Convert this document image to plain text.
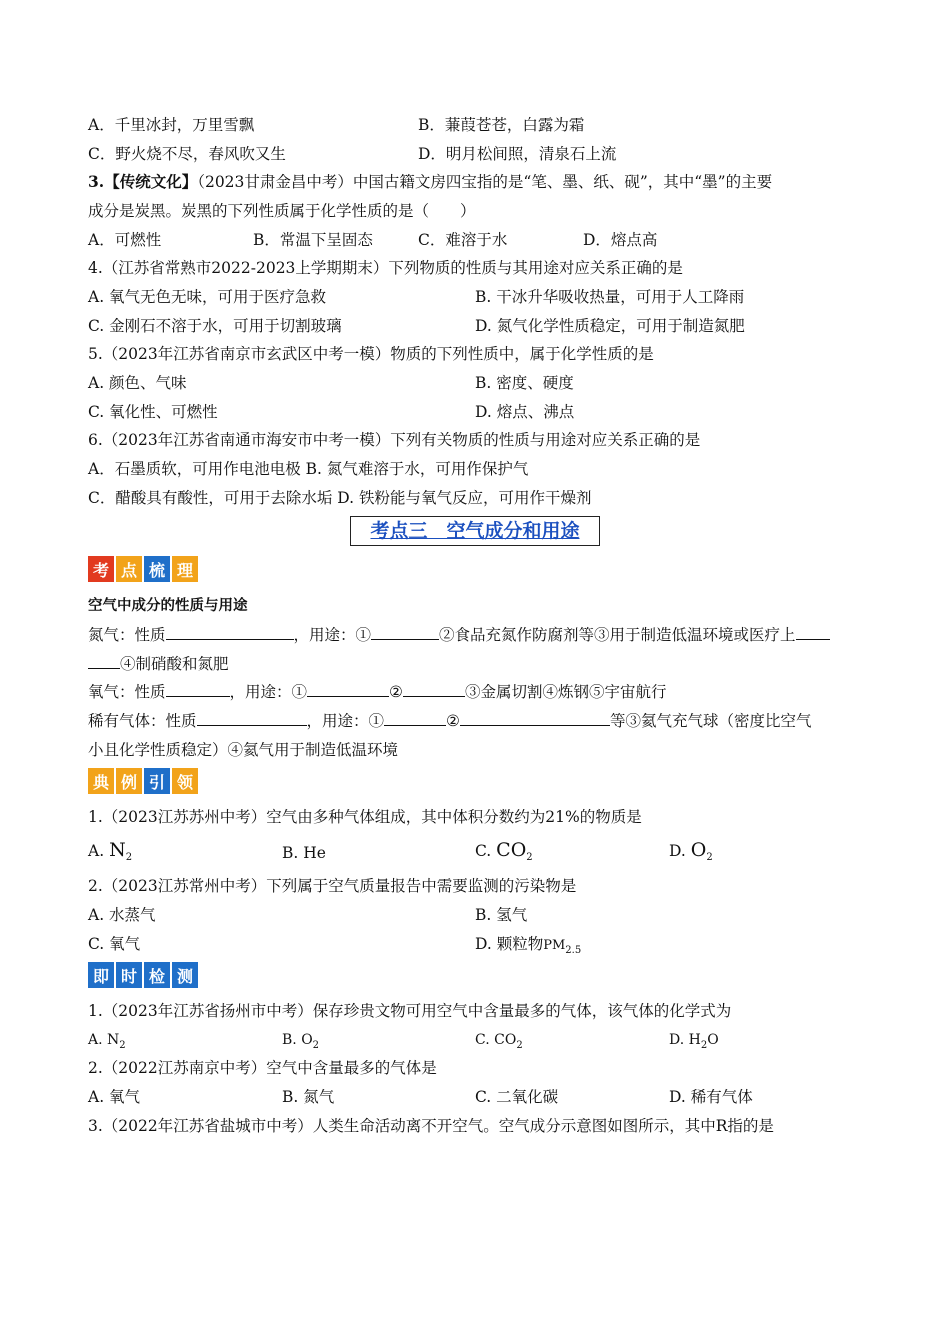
A．千里冰封，万里雪飘	B．蒹葭苍苍，白露为霜
C．野火烧不尽，春风吹又生	D．明月松间照，清泉石上流
3.【传统文化】（2023甘肃金昌中考）中国古籍文房四宝指的是“笔、墨、纸、砚”，其中“墨”的主要
成分是炭黑。炭黑的下列性质属于化学性质的是（　　）
A．可燃性	B．常温下呈固态	C．难溶于水	D．熔点高
4.（江苏省常熟市2022-2023上学期期末）下列物质的性质与其用途对应关系正确的是
A. 氧气无色无味，可用于医疗急救	B. 干冰升华吸收热量，可用于人工降雨
C. 金刚石不溶于水，可用于切割玻璃	D. 氮气化学性质稳定，可用于制造氮肥
5.（2023年江苏省南京市玄武区中考一模）物质的下列性质中，属于化学性质的是
A. 颜色、气味	B. 密度、硬度
C. 氧化性、可燃性	D. 熔点、沸点
6.（2023年江苏省南通市海安市中考一模）下列有关物质的性质与用途对应关系正确的是
A．石墨质软，可用作电池电极 B. 氮气难溶于水，可用作保护气
C．醋酸具有酸性，可用于去除水垢 D. 铁粉能与氧气反应，可用作干燥剂
考点三　空气成分和用途
考 点 梳 理
空气中成分的性质与用途
氮气：性质	，用途：①	②食品充氮作防腐剂等③用于制造低温环境或医疗上
④制硝酸和氮肥
氧气：性质	，用途：①	②	③金属切割④炼钢⑤宇宙航行
稀有气体：性质	，用途：①	②	等③氦气充气球（密度比空气
小且化学性质稳定）④氦气用于制造低温环境
典 例 引 领
1.（2023江苏苏州中考）空气由多种气体组成，其中体积分数约为21%的物质是
A. $N_2$	B. He	C. $CO_2$	D. $O_2$
2.（2023江苏常州中考）下列属于空气质量报告中需要监测的污染物是
A. 水蒸气	B. 氢气
C. 氧气	D. 颗粒物$PM_{2.5}$
即 时 检 测
1.（2023年江苏省扬州市中考）保存珍贵文物可用空气中含量最多的气体，该气体的化学式为
A. $N_2$	B. $O_2$	C. $CO_2$	D. $H_2O$
2.（2022江苏南京中考）空气中含量最多的气体是
A. 氧气	B. 氮气	C. 二氧化碳	D. 稀有气体
3.（2022年江苏省盐城市中考）人类生命活动离不开空气。空气成分示意图如图所示，其中R指的是
